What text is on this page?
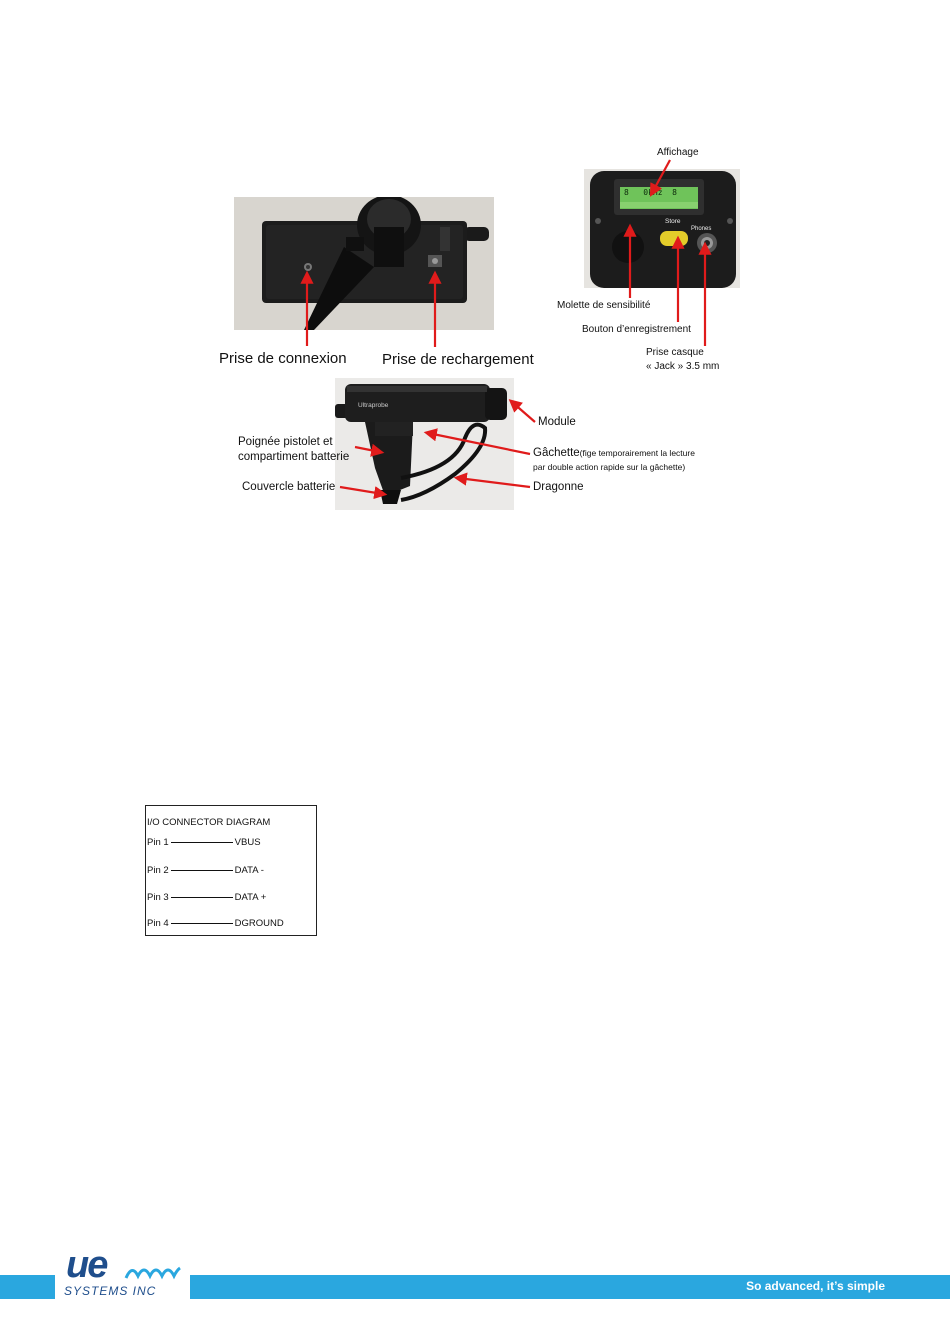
Prise de connexion Prise de rechargement
8   0kHz  8
Store
Phones
Affichage
Molette de sensibilité
Bouton d’enregistrement
Prise casque
« Jack » 3.5 mm
Ultraprobe
Module
Poignée pistolet et
compartiment batterie	Gâchette(fige temporairement la lecture
par double action rapide sur la gâchette)
Couvercle batterie	Dragonne
I/O CONNECTOR DIAGRAM
Pin 1	VBUS
Pin 2	DATA -
Pin 3	DATA +
Pin 4	DGROUND
ue
SYSTEMS INC	So advanced, it’s simple
